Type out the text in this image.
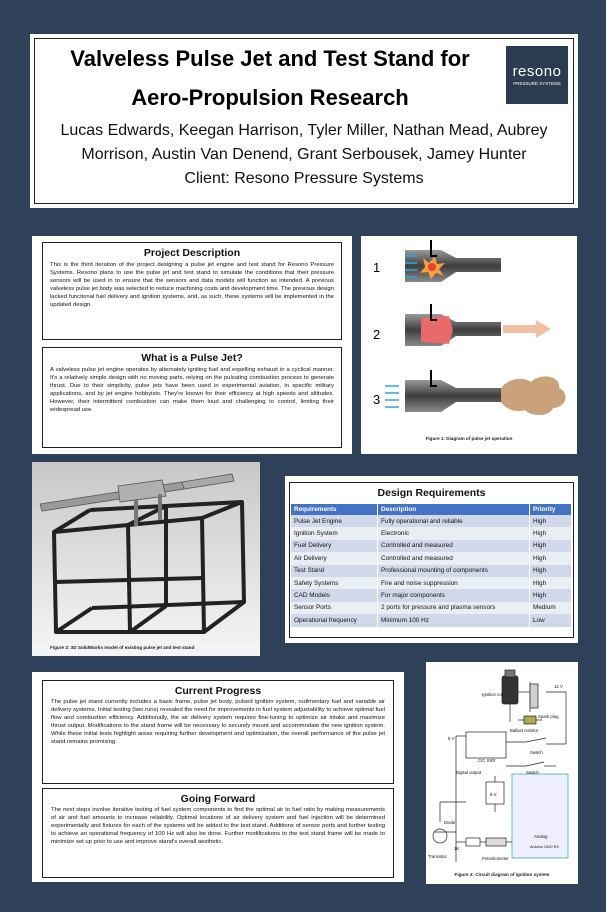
Valveless Pulse Jet and Test Stand for
Aero-Propulsion Research
resono
PRESSURE SYSTEMS
Lucas Edwards, Keegan Harrison, Tyler Miller, Nathan Mead, Aubrey
Morrison, Austin Van Denend, Grant Serbousek, Jamey Hunter
Client: Resono Pressure Systems
Project Description
This is the third iteration of the project designing a pulse jet engine and test stand for Resono Pressure Systems. Resono plans to use the pulse jet and test stand to simulate the conditions that their pressure sensors will be used in to ensure that the sensors and data models will function as intended. A previous valveless pulse jet body was selected to reduce machining costs and development time. The previous design lacked functional fuel delivery and ignition systems, and, as such, these systems will be implemented in the updated design.
What is a Pulse Jet?
A valveless pulse jet engine operates by alternately igniting fuel and expelling exhaust in a cyclical manner. It's a relatively simple design with no moving parts, relying on the pulsating combustion process to generate thrust. Due to their simplicity, pulse jets have been used in experimental aviation, in specific military applications, and by jet engine hobbyists. They're known for their efficiency at high speeds and altitudes. However, their intermittent combustion can make them loud and challenging to control, limiting their widespread use.
1
2
3
Figure 1: Diagram of pulse jet operation
Figure 2: 3D SolidWorks model of existing pulse jet and test stand
Design Requirements
Requirements	Description	Priority
Pulse Jet Engine	Fully operational and reliable	High
Ignition System	Electronic	High
Fuel Delivery	Controlled and measured	High
Air Delivery	Controlled and measured	High
Test Stand	Professional mounting of components	High
Safety Systems	Fire and noise suppression	High
CAD Models	For major components	High
Sensor Ports	2 ports for pressure and plasma sensors	Medium
Operational frequency	Minimum 100 Hz	Low
Current Progress
The pulse jet stand currently includes a basic frame, pulse jet body, pulsed ignition system, rudimentary fuel and variable air delivery systems. Initial testing (two runs) revealed the need for improvements in fuel system adjustability to achieve optimal fuel flow and combustion efficiency. Additionally, the air delivery system requires fine-tuning to optimize air intake and maximize thrust output. Modifications to the stand frame will be necessary to securely mount and accommodate the new ignition system. While these initial tests highlight areas requiring further development and optimization, the overall performance of the pulse jet stand remains promising.
Going Forward
The next steps involve iterative testing of fuel system components to find the optimal air to fuel ratio by making measurements of air and fuel amounts to increase reliability. Optimal locations of air delivery system and fuel injection will be determined experimentally and fixtures for each of the systems will be added to the test stand. Additions of sensor ports and further testing to achieve an operational frequency of 100 Hz will also be done. Further modifications to the test stand frame will be made to minimize set up prior to use and improve stand's overall aesthetic.
Ignition coil
12 V
Spark plug
Ballast resistor
5 V
CIC SSR
Switch
Digital output	Switch
9 V
Diode
1K
Transistor	Potentiometer
Analog
Arduino UNO R3
Figure 3: Circuit diagram of ignition system
